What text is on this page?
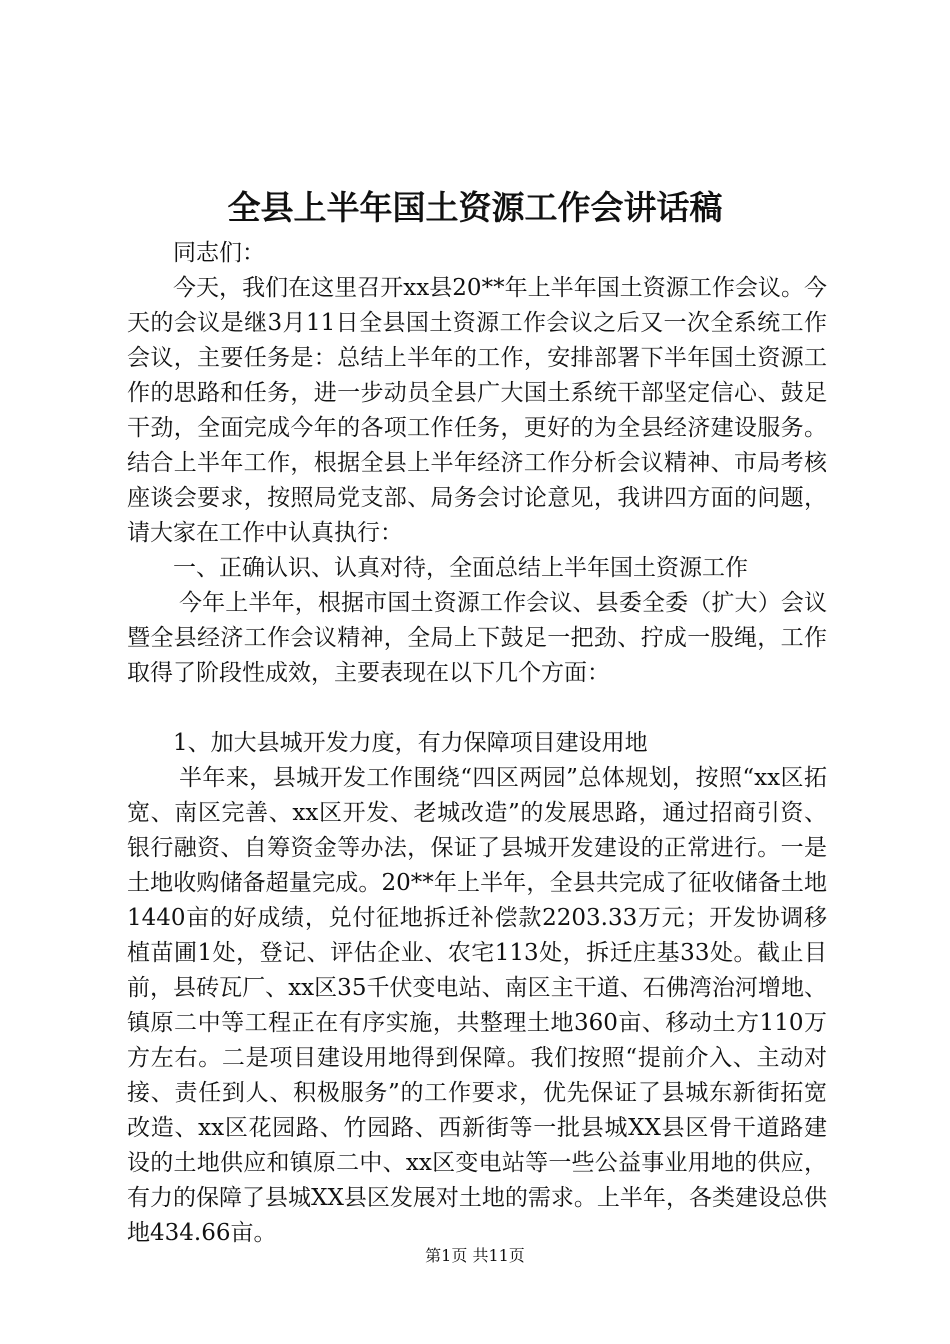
全县上半年国土资源工作会讲话稿

同志们：

今天，我们在这里召开xx县20**年上半年国土资源工作会议。今天的会议是继3月11日全县国土资源工作会议之后又一次全系统工作会议，主要任务是：总结上半年的工作，安排部署下半年国土资源工作的思路和任务，进一步动员全县广大国土系统干部坚定信心、鼓足干劲，全面完成今年的各项工作任务，更好的为全县经济建设服务。结合上半年工作，根据全县上半年经济工作分析会议精神、市局考核座谈会要求，按照局党支部、局务会讨论意见，我讲四方面的问题，请大家在工作中认真执行：

一、正确认识、认真对待，全面总结上半年国土资源工作

今年上半年，根据市国土资源工作会议、县委全委（扩大）会议暨全县经济工作会议精神，全局上下鼓足一把劲、拧成一股绳，工作取得了阶段性成效，主要表现在以下几个方面：

1、加大县城开发力度，有力保障项目建设用地

半年来，县城开发工作围绕“四区两园”总体规划，按照“xx区拓宽、南区完善、xx区开发、老城改造”的发展思路，通过招商引资、银行融资、自筹资金等办法，保证了县城开发建设的正常进行。一是土地收购储备超量完成。20**年上半年，全县共完成了征收储备土地1440亩的好成绩，兑付征地拆迁补偿款2203.33万元；开发协调移植苗圃1处，登记、评估企业、农宅113处，拆迁庄基33处。截止目前，县砖瓦厂、xx区35千伏变电站、南区主干道、石佛湾治河增地、镇原二中等工程正在有序实施，共整理土地360亩、移动土方110万方左右。二是项目建设用地得到保障。我们按照“提前介入、主动对接、责任到人、积极服务”的工作要求，优先保证了县城东新街拓宽改造、xx区花园路、竹园路、西新街等一批县城XX县区骨干道路建设的土地供应和镇原二中、xx区变电站等一些公益事业用地的供应，有力的保障了县城XX县区发展对土地的需求。上半年，各类建设总供地434.66亩。

第1页 共11页
